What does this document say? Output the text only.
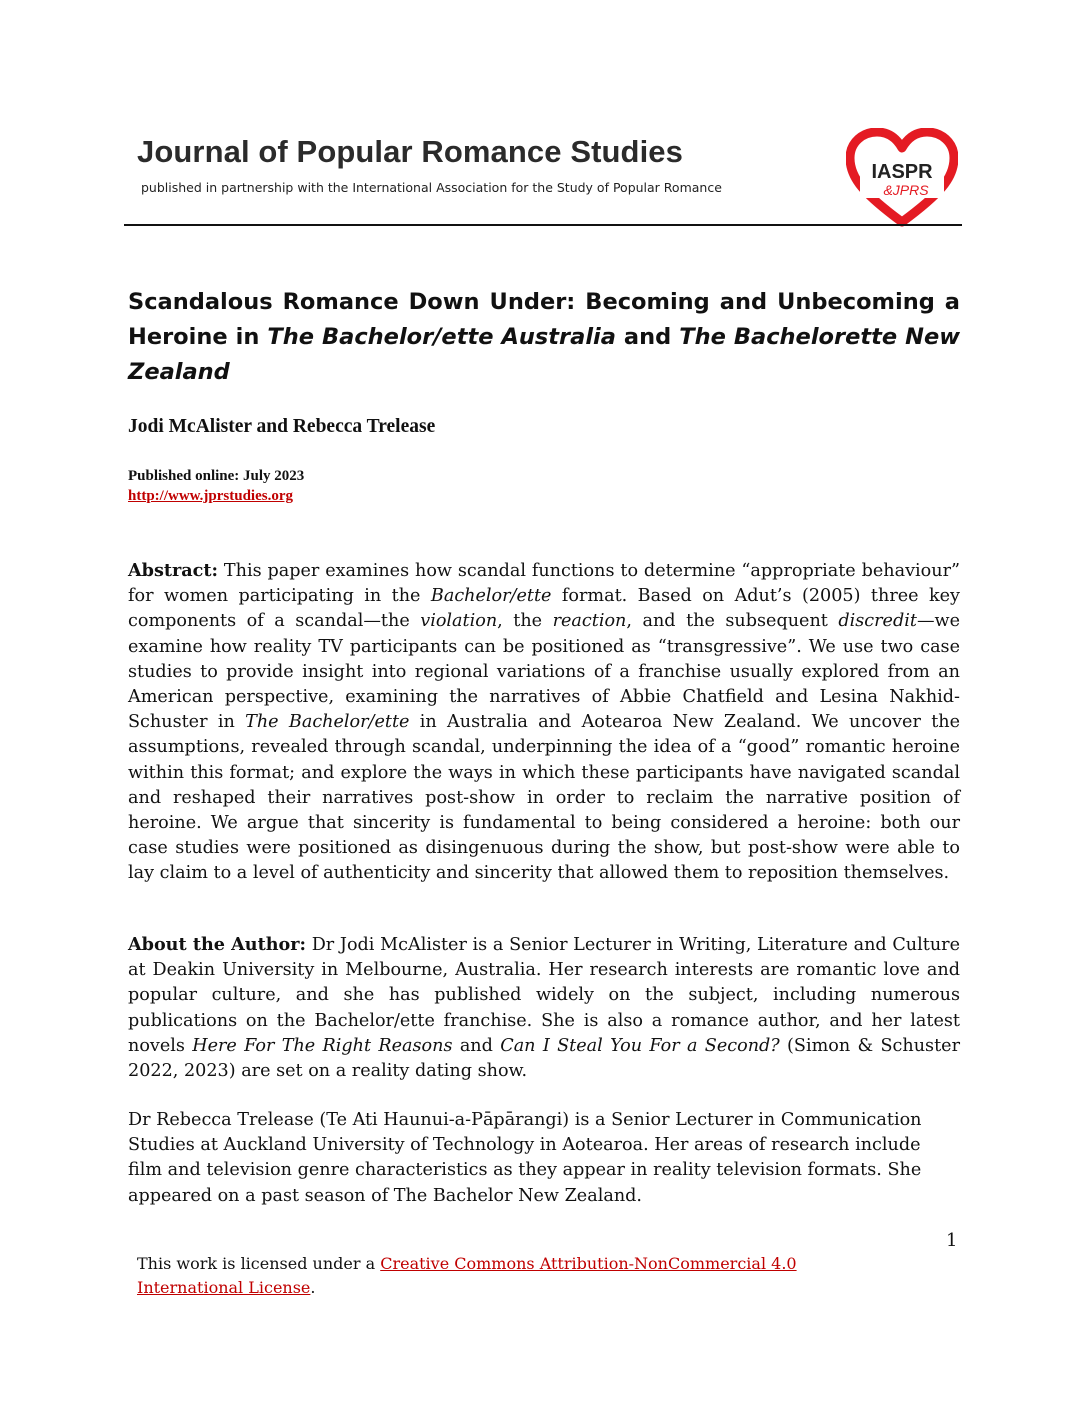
Journal of Popular Romance Studies
published in partnership with the International Association for the Study of Popular Romance
IASPR
&JPRS
Scandalous Romance Down Under: Becoming and Unbecoming a Heroine in The Bachelor/ette Australia and The Bachelorette New Zealand
Jodi McAlister and Rebecca Trelease
Published online: July 2023
http://www.jprstudies.org
Abstract: This paper examines how scandal functions to determine “appropriate behaviour” for women participating in the Bachelor/ette format. Based on Adut’s (2005) three key components of a scandal—the violation, the reaction, and the subsequent discredit—we examine how reality TV participants can be positioned as “transgressive”. We use two case studies to provide insight into regional variations of a franchise usually explored from an American perspective, examining the narratives of Abbie Chatfield and Lesina Nakhid-Schuster in The Bachelor/ette in Australia and Aotearoa New Zealand. We uncover the assumptions, revealed through scandal, underpinning the idea of a “good” romantic heroine within this format; and explore the ways in which these participants have navigated scandal and reshaped their narratives post-show in order to reclaim the narrative position of heroine. We argue that sincerity is fundamental to being considered a heroine: both our case studies were positioned as disingenuous during the show, but post-show were able to lay claim to a level of authenticity and sincerity that allowed them to reposition themselves.
About the Author: Dr Jodi McAlister is a Senior Lecturer in Writing, Literature and Culture at Deakin University in Melbourne, Australia. Her research interests are romantic love and popular culture, and she has published widely on the subject, including numerous publications on the Bachelor/ette franchise. She is also a romance author, and her latest novels Here For The Right Reasons and Can I Steal You For a Second? (Simon & Schuster 2022, 2023) are set on a reality dating show.
Dr Rebecca Trelease (Te Ati Haunui-a-Pāpārangi) is a Senior Lecturer in Communication Studies at Auckland University of Technology in Aotearoa. Her areas of research include film and television genre characteristics as they appear in reality television formats. She appeared on a past season of The Bachelor New Zealand.
1
This work is licensed under a Creative Commons Attribution-NonCommercial 4.0 International License.
